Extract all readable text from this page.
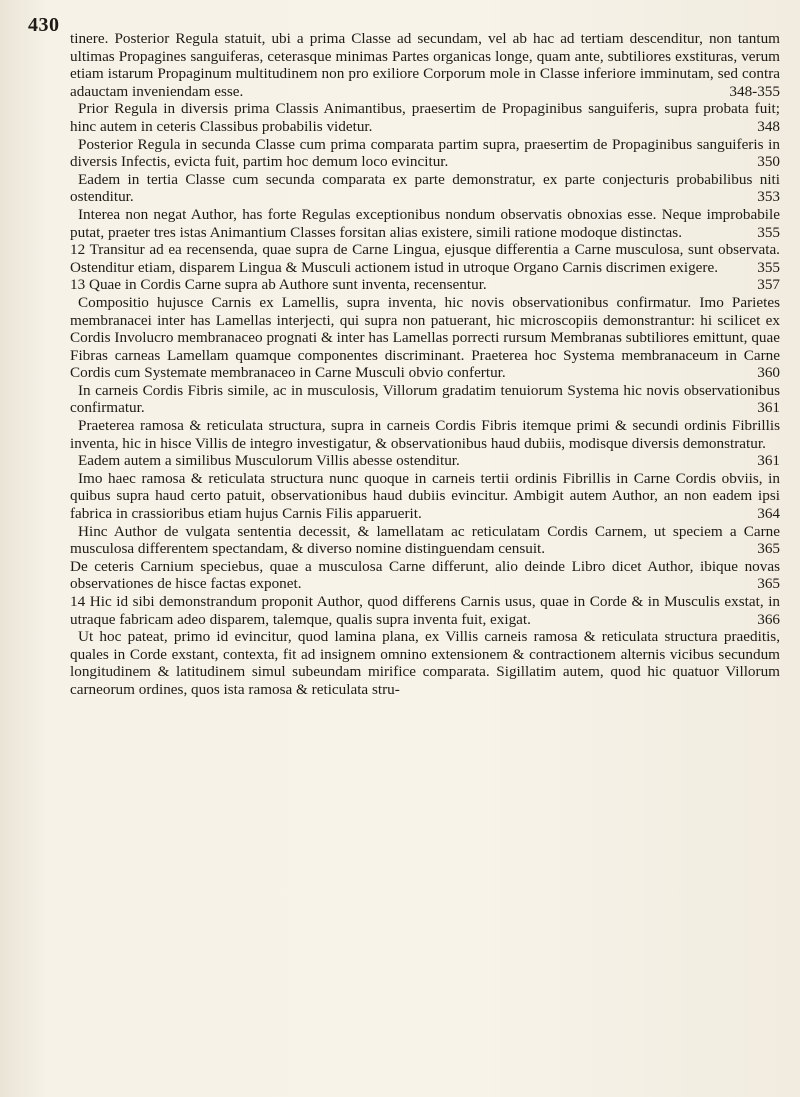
430

tinere. Posterior Regula statuit, ubi a prima Classe ad secundam, vel ab hac ad tertiam descenditur, non tantum ultimas Propagines sanguiferas, ceterasque minimas Partes organicas longe, quam ante, subtiliores exstituras, verum etiam istarum Propaginum multitudinem non pro exiliore Corporum mole in Classe inferiore imminutam, sed contra adauctam inveniendam esse.	348-355

Prior Regula in diversis prima Classis Animantibus, praesertim de Propaginibus sanguiferis, supra probata fuit; hinc autem in ceteris Classibus probabilis videtur.	348

Posterior Regula in secunda Classe cum prima comparata partim supra, praesertim de Propaginibus sanguiferis in diversis Infectis, evicta fuit, partim hoc demum loco evincitur.	350

Eadem in tertia Classe cum secunda comparata ex parte demonstratur, ex parte conjecturis probabilibus niti ostenditur.	353

Interea non negat Author, has forte Regulas exceptionibus nondum observatis obnoxias esse. Neque improbabile putat, praeter tres istas Animantium Classes forsitan alias existere, simili ratione modoque distinctas.	355

12 Transitur ad ea recensenda, quae supra de Carne Lingua, ejusque differentia a Carne musculosa, sunt observata. Ostenditur etiam, disparem Lingua & Musculi actionem istud in utroque Organo Carnis discrimen exigere.	355

13 Quae in Cordis Carne supra ab Authore sunt inventa, recensentur.	357

Compositio hujusce Carnis ex Lamellis, supra inventa, hic novis observationibus confirmatur. Imo Parietes membranacei inter has Lamellas interjecti, qui supra non patuerant, hic microscopiis demonstrantur: hi scilicet ex Cordis Involucro membranaceo prognati & inter has Lamellas porrecti rursum Membranas subtiliores emittunt, quae Fibras carneas Lamellam quamque componentes discriminant. Praeterea hoc Systema membranaceum in Carne Cordis cum Systemate membranaceo in Carne Musculi obvio confertur.	360

In carneis Cordis Fibris simile, ac in musculosis, Villorum gradatim tenuiorum Systema hic novis observationibus confirmatur.	361

Praeterea ramosa & reticulata structura, supra in carneis Cordis Fibris itemque primi & secundi ordinis Fibrillis inventa, hic in hisce Villis de integro investigatur, & observationibus haud dubiis, modisque diversis demonstratur.

Eadem autem a similibus Musculorum Villis abesse ostenditur.	361

Imo haec ramosa & reticulata structura nunc quoque in carneis tertii ordinis Fibrillis in Carne Cordis obviis, in quibus supra haud certo patuit, observationibus haud dubiis evincitur. Ambigit autem Author, an non eadem ipsi fabrica in crassioribus etiam hujus Carnis Filis apparuerit.	364

Hinc Author de vulgata sententia decessit, & lamellatam ac reticulatam Cordis Carnem, ut speciem a Carne musculosa differentem spectandam, & diverso nomine distinguendam censuit.	365

De ceteris Carnium speciebus, quae a musculosa Carne differunt, alio deinde Libro dicet Author, ibique novas observationes de hisce factas exponet.	365

14 Hic id sibi demonstrandum proponit Author, quod differens Carnis usus, quae in Corde & in Musculis exstat, in utraque fabricam adeo disparem, talemque, qualis supra inventa fuit, exigat.	366

Ut hoc pateat, primo id evincitur, quod lamina plana, ex Villis carneis ramosa & reticulata structura praeditis, quales in Corde exstant, contexta, fit ad insignem omnino extensionem & contractionem alternis vicibus secundum longitudinem & latitudinem simul subeundam mirifice comparata. Sigillatim autem, quod hic quatuor Villorum carneorum ordines, quos ista ramosa & reticulata stru-
